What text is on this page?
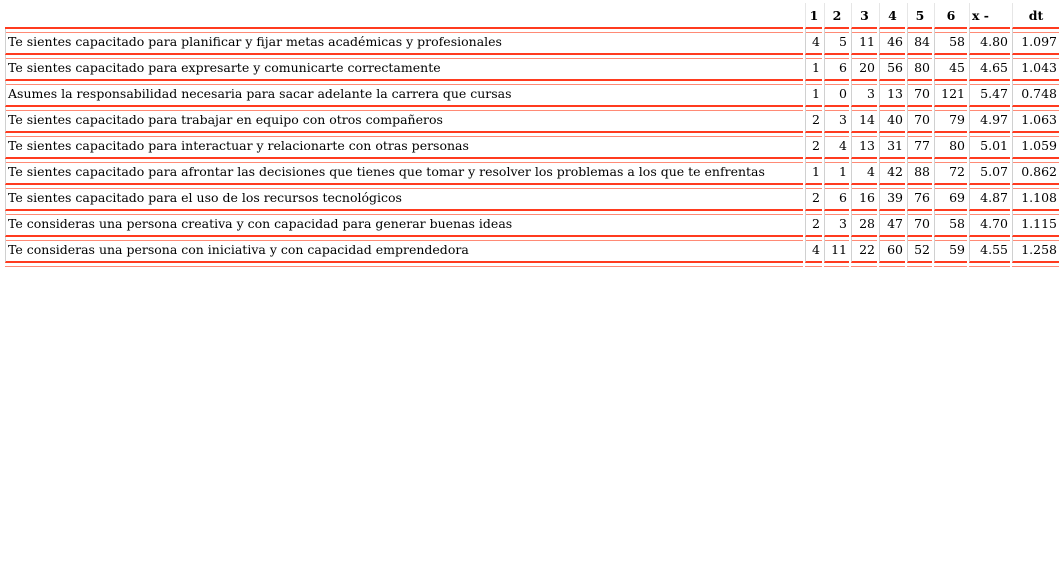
	1	2	3	4	5	6	x -	dt
Te sientes capacitado para planificar y fijar metas académicas y profesionales	4	5	11	46	84	58	4.80	1.097
Te sientes capacitado para expresarte y comunicarte correctamente	1	6	20	56	80	45	4.65	1.043
Asumes la responsabilidad necesaria para sacar adelante la carrera que cursas	1	0	3	13	70	121	5.47	0.748
Te sientes capacitado para trabajar en equipo con otros compañeros	2	3	14	40	70	79	4.97	1.063
Te sientes capacitado para interactuar y relacionarte con otras personas	2	4	13	31	77	80	5.01	1.059
Te sientes capacitado para afrontar las decisiones que tienes que tomar y resolver los problemas a los que te enfrentas	1	1	4	42	88	72	5.07	0.862
Te sientes capacitado para el uso de los recursos tecnológicos	2	6	16	39	76	69	4.87	1.108
Te consideras una persona creativa y con capacidad para generar buenas ideas	2	3	28	47	70	58	4.70	1.115
Te consideras una persona con iniciativa y con capacidad emprendedora	4	11	22	60	52	59	4.55	1.258
